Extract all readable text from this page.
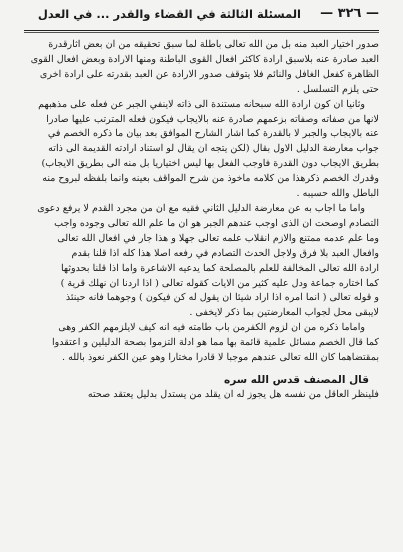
— ٣٢٦ —
المسئلة الثالثة في القضاء والقدر ... في العدل
صدور اختيار العبد منه بل من الله تعالى باطلة لما سبق تحقيقه من ان بعض اثارقدرة
العبد صادرة عنه بلاسبق ارادة كاكثر افعال القوى الباطنة ومنها الارادة وبعض افعال القوى
الظاهرة كفعل الغافل والنائم فلا يتوقف صدور الارادة عن العبد بقدرته على ارادة اخرى
حتى يلزم التسلسل .
وثانيا ان كون ارادة الله سبحانه مستندة الى ذاته لاينفي الجبر عن فعله على مذهبهم
لانها من صفاته وصفاته بزعمهم صادرة عنه بالايجاب فيكون فعله المترتب عليها صادرا
عنه بالايجاب والجبر لا بالقدرة كما اشار الشارح الموافق بعد بيان ما ذكره الخصم في
جواب معارضة الدليل الاول بقال (لكن يتجه ان يقال لو استناد ارادته القديمة الى ذاته
بطريق الايجاب دون القدرة فاوجب الفعل بها ليس اختياريا بل منه الى بطريق الايجاب)
وقدرك الخصم ذكرهذا من كلامه ماخوذ من شرح المواقف بعينه وانما بلفظه لبروح منه
الباطل والله حسيبه .
واما ما اجاب به عن معارضة الدليل الثاني فقيه مع ان من مجرد القدم لا يرفع دعوى
التصادم اوصحت ان الذى اوجب عندهم الجبر هو ان ما علم الله تعالى وجوده واجب
وما علم عدمه ممتنع والازم انقلاب علمه تعالى جهلا و هذا جار في افعال الله تعالى
وافعال العبد بلا فرق ولاجل الحدث التصادم في رفعه اصلا هذا كله اذا قلنا بقدم
ارادة الله تعالى المخالفة للعلم بالمصلحة كما يدعيه الاشاعرة واما اذا قلنا بحدوثها
كما اختاره جماعة ودل عليه كثير من الايات كقوله تعالى ( اذا اردنا ان نهلك قرية )
و قوله تعالى ( انما امره اذا اراد شيئا ان يقول له كن فيكون ) وجوهما فانه حينئذ
لايبقى محل لجواب المعارضتين بما ذكر لايخفى .
واماما ذكره من ان لزوم الكفرمن باب طامته فيه انه كيف لايلزمهم الكفر وهى
كما قال الخصم مسائل علمية قائمة بها مما هو ادلة التزموا بصحة الدليلين و اعتقدوا
بمقتضاهما كان الله تعالى عندهم موجبا لا قادرا مختارا وهو عين الكفر نعوذ بالله .
قال المصنف قدس الله سره
فلينظر العاقل من نفسه هل يجوز له ان يقلد من يستدل بدليل يعتقد صحته
